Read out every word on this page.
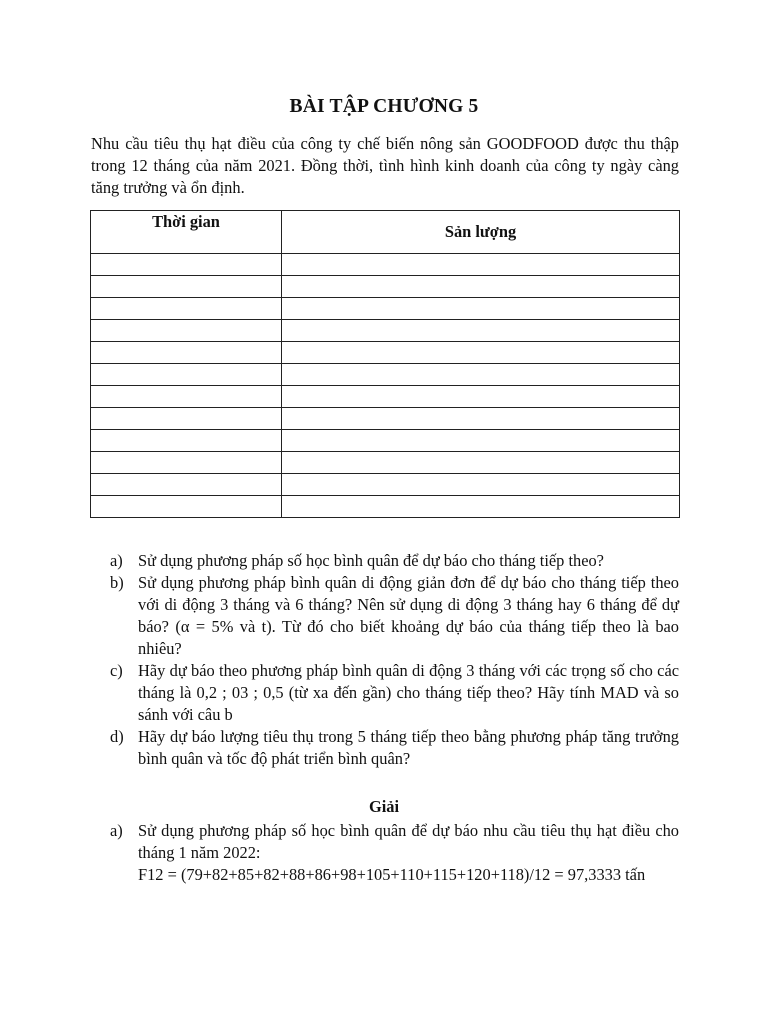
BÀI TẬP CHƯƠNG 5
Nhu cầu tiêu thụ hạt điều của công ty chế biến nông sản GOODFOOD được thu thập trong 12 tháng của năm 2021. Đồng thời, tình hình kinh doanh của công ty ngày càng tăng trưởng và ổn định.
Thời gian	Sản lượng

a) Sử dụng phương pháp số học bình quân để dự báo cho tháng tiếp theo?
b) Sử dụng phương pháp bình quân di động giản đơn để dự báo cho tháng tiếp theo với di động 3 tháng và 6 tháng? Nên sử dụng di động 3 tháng hay 6 tháng để dự báo? (α = 5% và t). Từ đó cho biết khoảng dự báo của tháng tiếp theo là bao nhiêu?
c) Hãy dự báo theo phương pháp bình quân di động 3 tháng với các trọng số cho các tháng là 0,2 ; 03 ; 0,5 (từ xa đến gần) cho tháng tiếp theo? Hãy tính MAD và so sánh với câu b
d) Hãy dự báo lượng tiêu thụ trong 5 tháng tiếp theo bằng phương pháp tăng trưởng bình quân và tốc độ phát triển bình quân?
Giải
a) Sử dụng phương pháp số học bình quân để dự báo nhu cầu tiêu thụ hạt điều cho tháng 1 năm 2022:
F12 = (79+82+85+82+88+86+98+105+110+115+120+118)/12 = 97,3333 tấn
